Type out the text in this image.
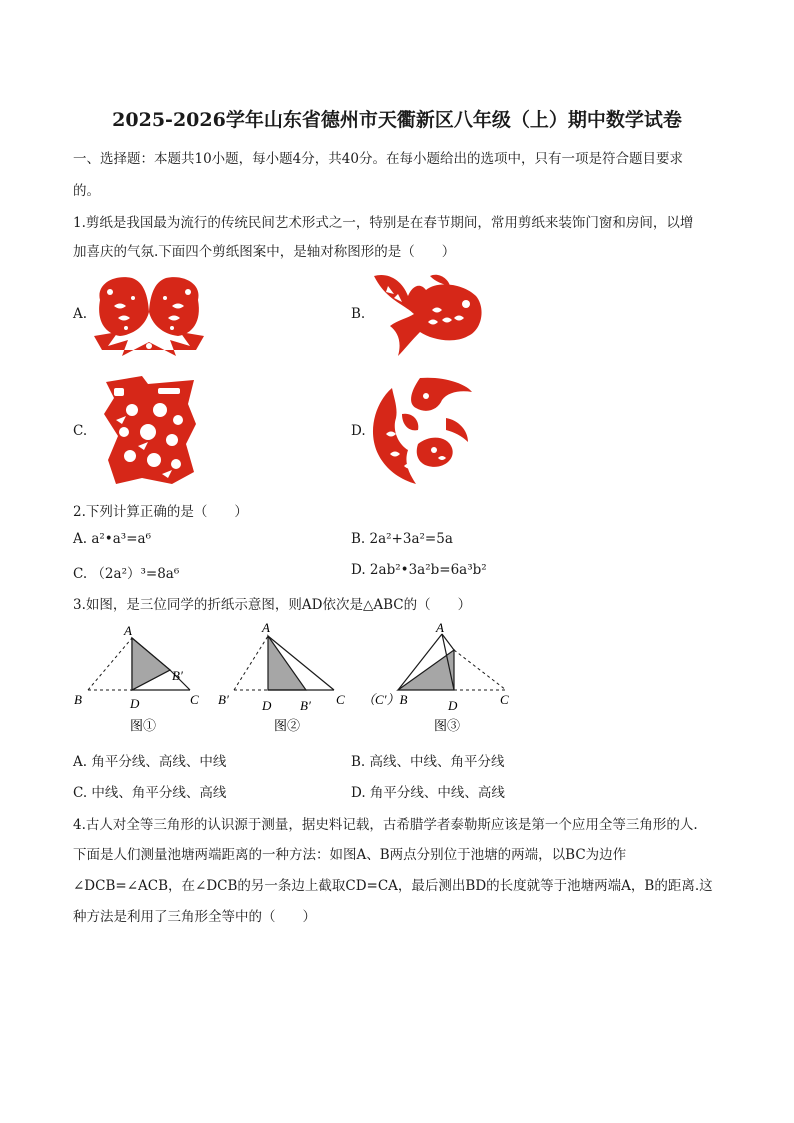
2025-2026学年山东省德州市天衢新区八年级（上）期中数学试卷
一、选择题：本题共10小题，每小题4分，共40分。在每小题给出的选项中，只有一项是符合题目要求
的。
1.剪纸是我国最为流行的传统民间艺术形式之一，特别是在春节期间，常用剪纸来装饰门窗和房间，以增
加喜庆的气氛.下面四个剪纸图案中，是轴对称图形的是（　　）
A.	B.
C.	D.
2.下列计算正确的是（　　）
A. a²•a³=a⁶	B. 2a²+3a²=5a
C. （2a²）³=8a⁶	D. 2ab²•3a²b=6a³b²
3.如图，是三位同学的折纸示意图，则AD依次是△ABC的（　　）
A
B′
B	D	C
图①
A
B′	D B′ C
图②
A
（C′）B	D	C
图③
A. 角平分线、高线、中线	B. 高线、中线、角平分线
C. 中线、角平分线、高线	D. 角平分线、中线、高线
4.古人对全等三角形的认识源于测量，据史料记载，古希腊学者泰勒斯应该是第一个应用全等三角形的人.
下面是人们测量池塘两端距离的一种方法：如图A、B两点分别位于池塘的两端，以BC为边作
∠DCB=∠ACB，在∠DCB的另一条边上截取CD=CA，最后测出BD的长度就等于池塘两端A，B的距离.这
种方法是利用了三角形全等中的（　　）
